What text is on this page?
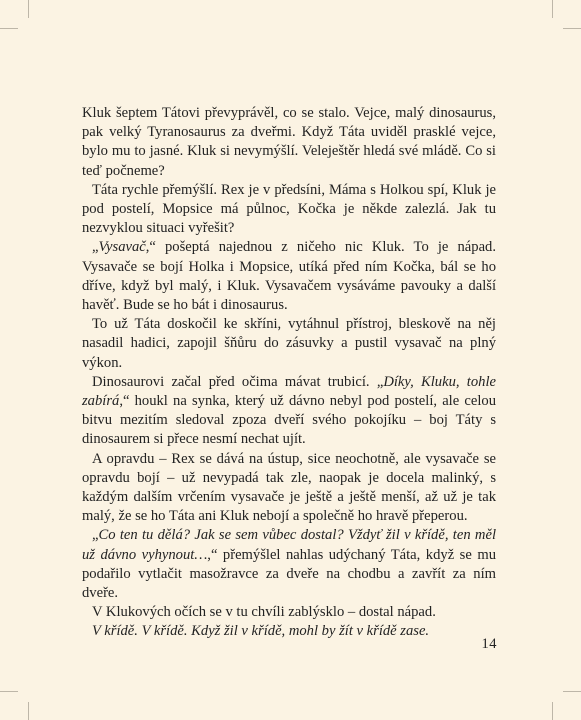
Kluk šeptem Tátovi převyprávěl, co se stalo. Vejce, malý dinosaurus, pak velký Tyranosaurus za dveřmi. Když Táta uviděl prasklé vejce, bylo mu to jasné. Kluk si nevymýšlí. Veleještěr hledá své mládě. Co si teď počneme?

Táta rychle přemýšlí. Rex je v předsíni, Máma s Holkou spí, Kluk je pod postelí, Mopsice má půlnoc, Kočka je někde zalezlá. Jak tu nezvyklou situaci vyřešit?

„Vysavač,“ pošeptá najednou z ničeho nic Kluk. To je nápad. Vysavače se bojí Holka i Mopsice, utíká před ním Kočka, bál se ho dříve, když byl malý, i Kluk. Vysavačem vysáváme pavouky a další havěť. Bude se ho bát i dinosaurus.

To už Táta doskočil ke skříni, vytáhnul přístroj, bleskově na něj nasadil hadici, zapojil šňůru do zásuvky a pustil vysavač na plný výkon.

Dinosaurovi začal před očima mávat trubicí. „Díky, Kluku, tohle zabírá,“ houkl na synka, který už dávno nebyl pod postelí, ale celou bitvu mezitím sledoval zpoza dveří svého pokojíku – boj Táty s dinosaurem si přece nesmí nechat ujít.

A opravdu – Rex se dává na ústup, sice neochotně, ale vysavače se opravdu bojí – už nevypadá tak zle, naopak je docela malinký, s každým dalším vrčením vysavače je ještě a ještě menší, až už je tak malý, že se ho Táta ani Kluk nebojí a společně ho hravě přeperou.

„Co ten tu dělá? Jak se sem vůbec dostal? Vždyť žil v křídě, ten měl už dávno vyhynout…,“ přemýšlel nahlas udýchaný Táta, když se mu podařilo vytlačit masožravce za dveře na chodbu a zavřít za ním dveře.

V Klukových očích se v tu chvíli zablýsklo – dostal nápad.

V křídě. V křídě. Když žil v křídě, mohl by žít v křídě zase.

14
